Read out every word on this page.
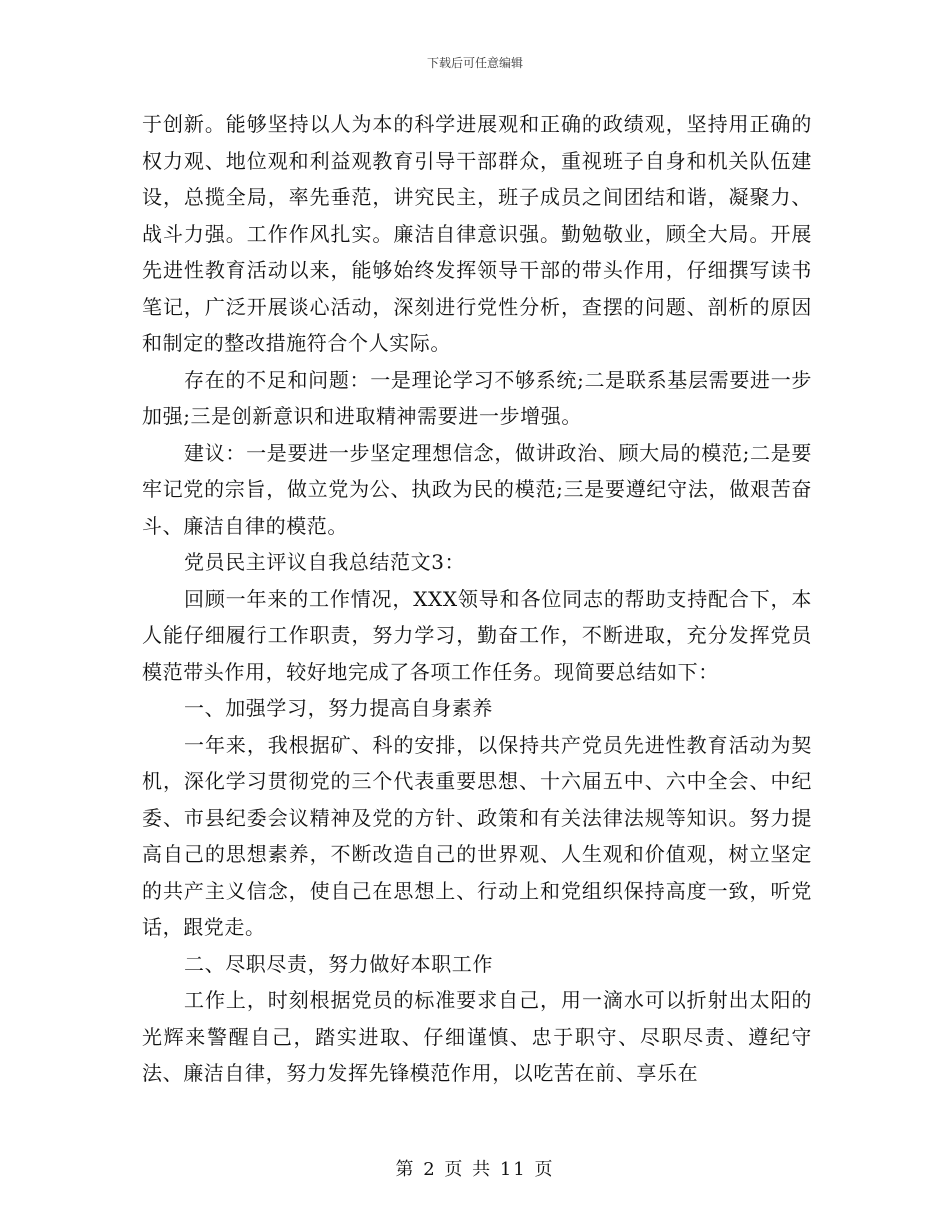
下载后可任意编辑

于创新。能够坚持以人为本的科学进展观和正确的政绩观，坚持用正确的权力观、地位观和利益观教育引导干部群众，重视班子自身和机关队伍建设，总揽全局，率先垂范，讲究民主，班子成员之间团结和谐，凝聚力、战斗力强。工作作风扎实。廉洁自律意识强。勤勉敬业，顾全大局。开展先进性教育活动以来，能够始终发挥领导干部的带头作用，仔细撰写读书笔记，广泛开展谈心活动，深刻进行党性分析，查摆的问题、剖析的原因和制定的整改措施符合个人实际。

存在的不足和问题：一是理论学习不够系统;二是联系基层需要进一步加强;三是创新意识和进取精神需要进一步增强。

建议：一是要进一步坚定理想信念，做讲政治、顾大局的模范;二是要牢记党的宗旨，做立党为公、执政为民的模范;三是要遵纪守法，做艰苦奋斗、廉洁自律的模范。

党员民主评议自我总结范文3：

回顾一年来的工作情况，XXX领导和各位同志的帮助支持配合下，本人能仔细履行工作职责，努力学习，勤奋工作，不断进取，充分发挥党员模范带头作用，较好地完成了各项工作任务。现简要总结如下：

一、加强学习，努力提高自身素养

一年来，我根据矿、科的安排，以保持共产党员先进性教育活动为契机，深化学习贯彻党的三个代表重要思想、十六届五中、六中全会、中纪委、市县纪委会议精神及党的方针、政策和有关法律法规等知识。努力提高自己的思想素养，不断改造自己的世界观、人生观和价值观，树立坚定的共产主义信念，使自己在思想上、行动上和党组织保持高度一致，听党话，跟党走。

二、尽职尽责，努力做好本职工作

工作上，时刻根据党员的标准要求自己，用一滴水可以折射出太阳的光辉来警醒自己，踏实进取、仔细谨慎、忠于职守、尽职尽责、遵纪守法、廉洁自律，努力发挥先锋模范作用，以吃苦在前、享乐在

第 2 页 共 11 页
